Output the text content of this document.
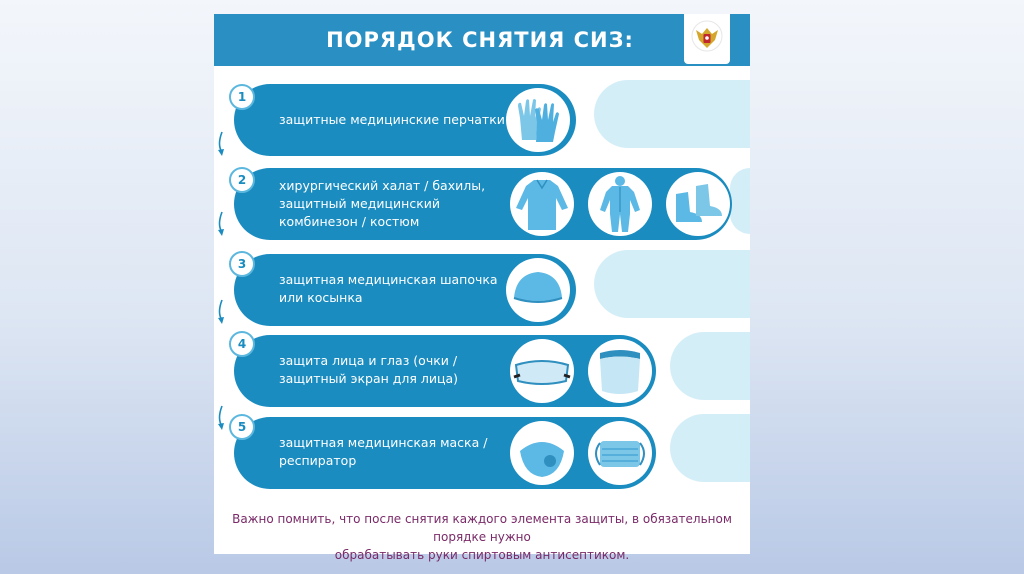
ПОРЯДОК СНЯТИЯ СИЗ:
защитные медицинские перчатки
1
хирургический халат / бахилы,
защитный медицинский
комбинезон / костюм
2
защитная медицинская шапочка
или косынка
3
защита лица и глаз (очки /
защитный экран для лица)
4
защитная медицинская маска /
респиратор
5
Важно помнить, что после снятия каждого элемента защиты, в обязательном порядке нужно
обрабатывать руки спиртовым антисептиком.
